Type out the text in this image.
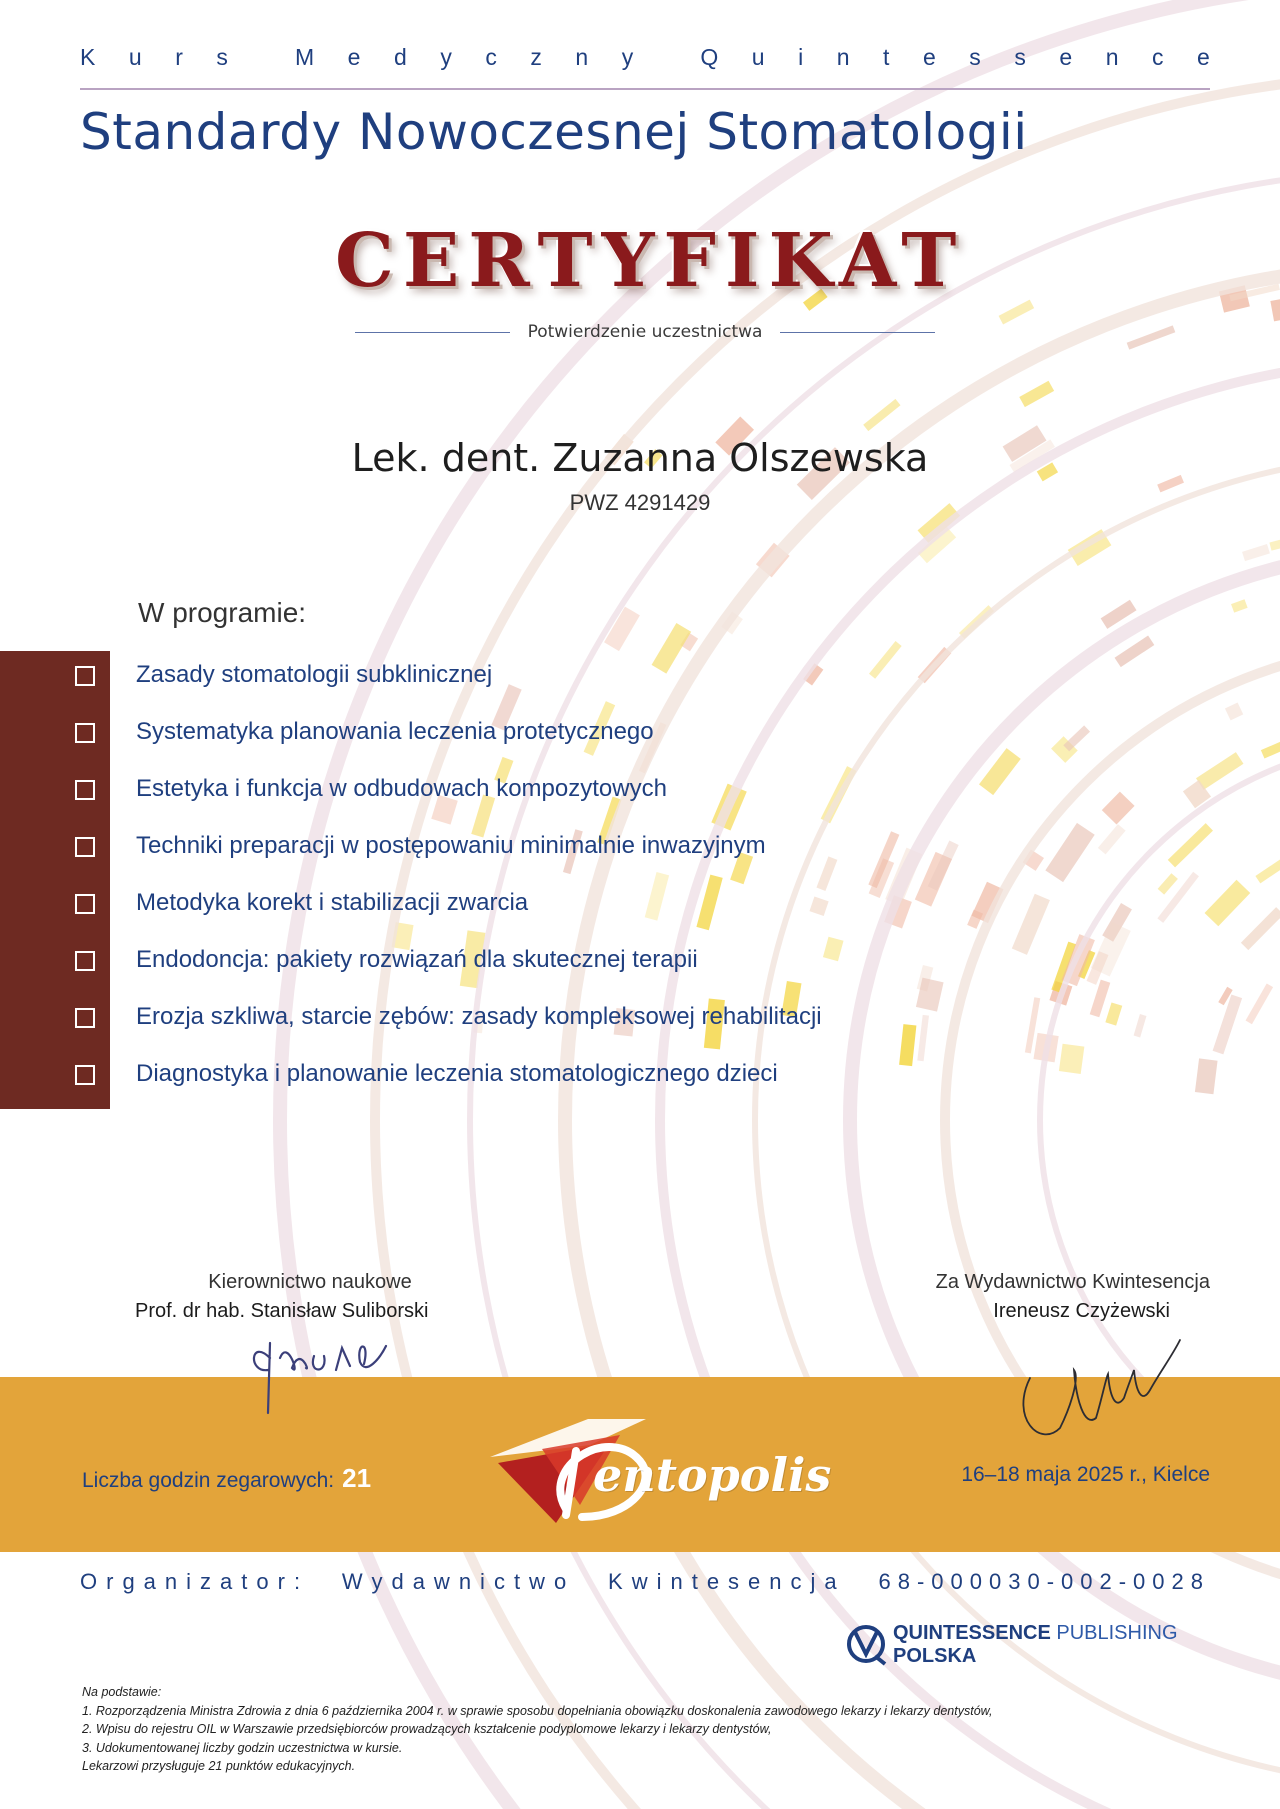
K u r s	M e d y c z n y	Q u i n t e s s e n c e
Standardy Nowoczesnej Stomatologii
CERTYFIKAT
Potwierdzenie uczestnictwa
Lek. dent. Zuzanna Olszewska
PWZ 4291429
W programie:
Zasady stomatologii subklinicznej
Systematyka planowania leczenia protetycznego
Estetyka i funkcja w odbudowach kompozytowych
Techniki preparacji w postępowaniu minimalnie inwazyjnym
Metodyka korekt i stabilizacji zwarcia
Endodoncja: pakiety rozwiązań dla skutecznej terapii
Erozja szkliwa, starcie zębów: zasady kompleksowej rehabilitacji
Diagnostyka i planowanie leczenia stomatologicznego dzieci
Kierownictwo naukowe
Prof. dr hab. Stanisław Suliborski
Za Wydawnictwo Kwintesencja
Ireneusz Czyżewski
entopolis
Liczba godzin zegarowych: 21	16–18 maja 2025 r., Kielce
Organizator: Wydawnictwo Kwintesencja 68-000030-002-0028
QUINTESSENCE PUBLISHING
POLSKA
Na podstawie:
1. Rozporządzenia Ministra Zdrowia z dnia 6 października 2004 r. w sprawie sposobu dopełniania obowiązku doskonalenia zawodowego lekarzy i lekarzy dentystów,
2. Wpisu do rejestru OIL w Warszawie przedsiębiorców prowadzących kształcenie podyplomowe lekarzy i lekarzy dentystów,
3. Udokumentowanej liczby godzin uczestnictwa w kursie.
Lekarzowi przysługuje 21 punktów edukacyjnych.
